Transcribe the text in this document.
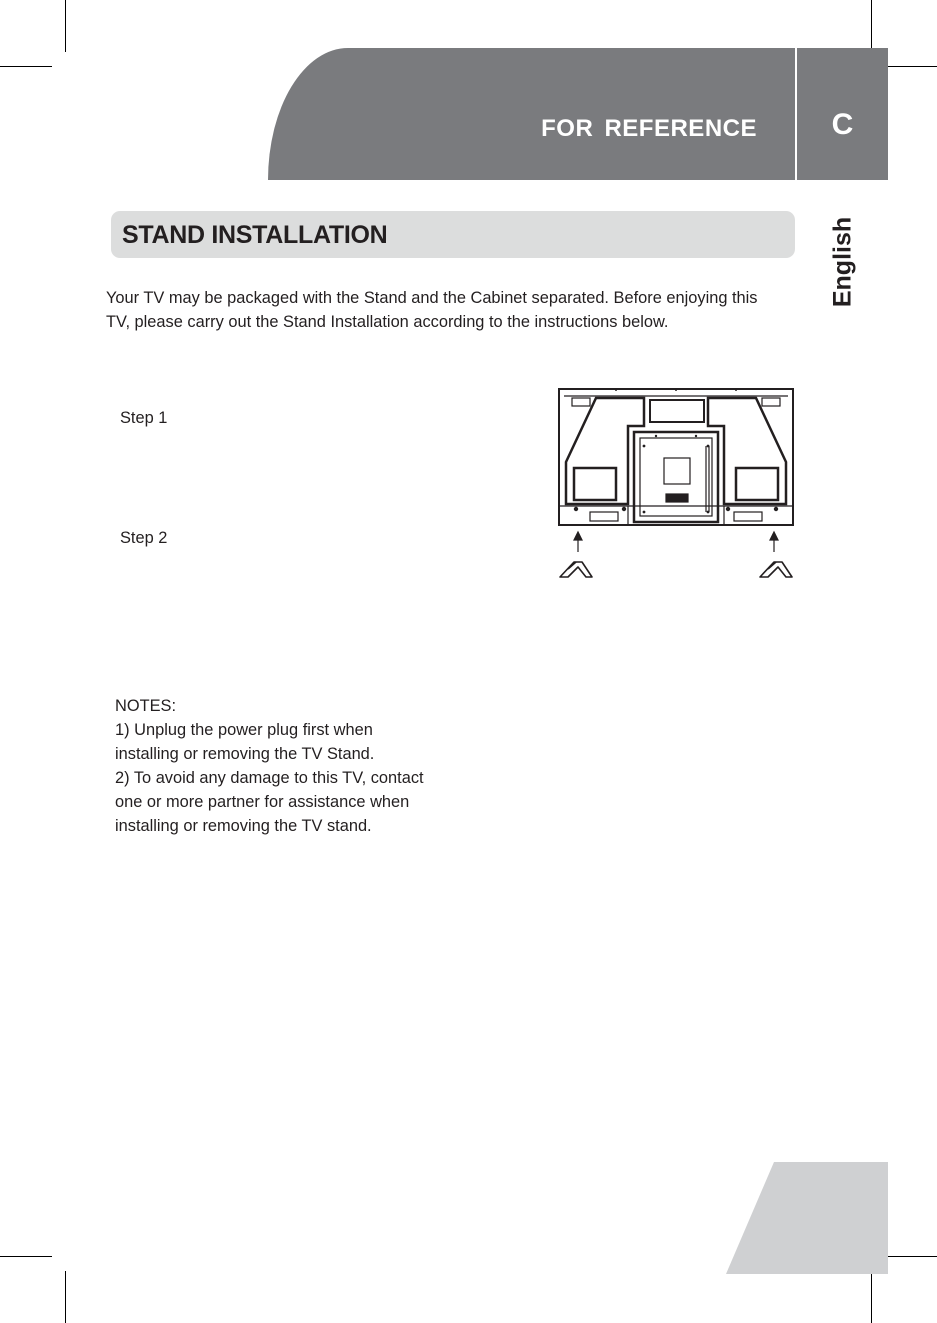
FOR REFERENCE	C
English
STAND INSTALLATION
Your TV may be packaged with the Stand and the Cabinet separated. Before enjoying this
TV, please carry out the Stand Installation according to the instructions below.
Step 1
Step 2
NOTES:
1) Unplug the power plug first when
installing or removing the TV Stand.
2) To avoid any damage to this TV, contact
one or more partner for assistance when
installing or removing the TV stand.
